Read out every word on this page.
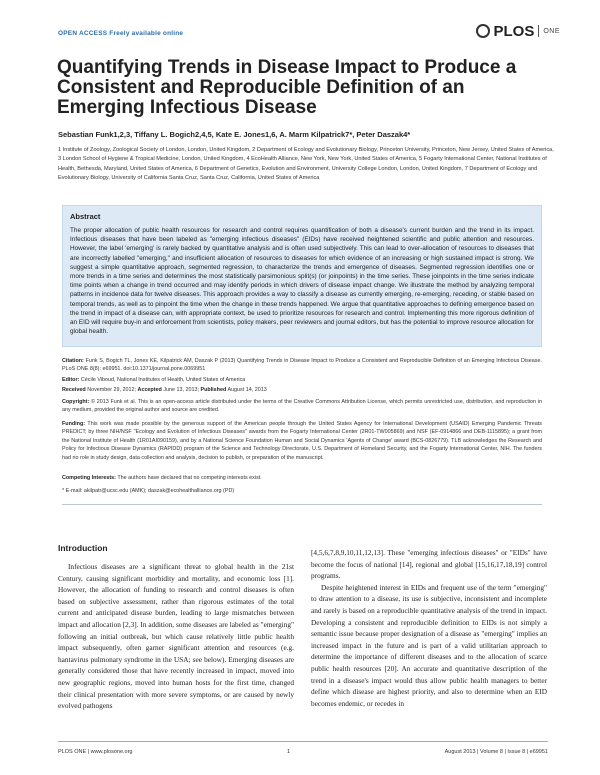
OPEN ACCESS Freely available online	PLOS ONE
Quantifying Trends in Disease Impact to Produce a Consistent and Reproducible Definition of an Emerging Infectious Disease
Sebastian Funk1,2,3, Tiffany L. Bogich2,4,5, Kate E. Jones1,6, A. Marm Kilpatrick7*, Peter Daszak4*
1 Institute of Zoology, Zoological Society of London, London, United Kingdom, 2 Department of Ecology and Evolutionary Biology, Princeton University, Princeton, New Jersey, United States of America, 3 London School of Hygiene & Tropical Medicine, London, United Kingdom, 4 EcoHealth Alliance, New York, New York, United States of America, 5 Fogarty International Center, National Institutes of Health, Bethesda, Maryland, United States of America, 6 Department of Genetics, Evolution and Environment, University College London, London, United Kingdom, 7 Department of Ecology and Evolutionary Biology, University of California Santa Cruz, Santa Cruz, California, United States of America
Abstract

The proper allocation of public health resources for research and control requires quantification of both a disease's current burden and the trend in its impact. Infectious diseases that have been labeled as "emerging infectious diseases" (EIDs) have received heightened scientific and public attention and resources. However, the label 'emerging' is rarely backed by quantitative analysis and is often used subjectively. This can lead to over-allocation of resources to diseases that are incorrectly labelled "emerging," and insufficient allocation of resources to diseases for which evidence of an increasing or high sustained impact is strong. We suggest a simple quantitative approach, segmented regression, to characterize the trends and emergence of diseases. Segmented regression identifies one or more trends in a time series and determines the most statistically parsimonious split(s) (or joinpoints) in the time series. These joinpoints in the time series indicate time points when a change in trend occurred and may identify periods in which drivers of disease impact change. We illustrate the method by analyzing temporal patterns in incidence data for twelve diseases. This approach provides a way to classify a disease as currently emerging, re-emerging, receding, or stable based on temporal trends, as well as to pinpoint the time when the change in these trends happened. We argue that quantitative approaches to defining emergence based on the trend in impact of a disease can, with appropriate context, be used to prioritize resources for research and control. Implementing this more rigorous definition of an EID will require buy-in and enforcement from scientists, policy makers, peer reviewers and journal editors, but has the potential to improve resource allocation for global health.

Citation: Funk S, Bogich TL, Jones KE, Kilpatrick AM, Daszak P (2013) Quantifying Trends in Disease Impact to Produce a Consistent and Reproducible Definition of an Emerging Infectious Disease. PLoS ONE 8(8): e69951. doi:10.1371/journal.pone.0069951
Editor: Cécile Viboud, National Institutes of Health, United States of America
Received November 29, 2012; Accepted June 13, 2013; Published August 14, 2013
Copyright: © 2013 Funk et al. This is an open-access article distributed under the terms of the Creative Commons Attribution License, which permits unrestricted use, distribution, and reproduction in any medium, provided the original author and source are credited.
Funding: This work was made possible by the generous support of the American people through the United States Agency for International Development (USAID) Emerging Pandemic Threats PREDICT; by three NIH/NSF "Ecology and Evolution of Infectious Diseases" awards from the Fogarty International Center (2R01-TW005869) and NSF (EF-0914866 and DEB-1115895); a grant from the National Institute of Health (1R01AI090159), and by a National Science Foundation Human and Social Dynamics 'Agents of Change' award (BCS-0826779). TLB acknowledges the Research and Policy for Infectious Disease Dynamics (RAPIDD) program of the Science and Technology Directorate, U.S. Department of Homeland Security, and the Fogarty International Center, NIH. The funders had no role in study design, data collection and analysis, decision to publish, or preparation of the manuscript.
Competing Interests: The authors have declared that no competing interests exist.
* E-mail: akilpatr@ucsc.edu (AMK); daszak@ecohealthalliance.org (PD)
Introduction

Infectious diseases are a significant threat to global health in the 21st Century, causing significant morbidity and mortality, and economic loss [1]. However, the allocation of funding to research and control diseases is often based on subjective assessment, rather than rigorous estimates of the total current and anticipated disease burden, leading to large mismatches between impact and allocation [2,3]. In addition, some diseases are labeled as "emerging" following an initial outbreak, but which cause relatively little public health impact subsequently, often garner significant attention and resources (e.g. hantavirus pulmonary syndrome in the USA; see below). Emerging diseases are generally considered those that have recently increased in impact, moved into new geographic regions, moved into human hosts for the first time, changed their clinical presentation with more severe symptoms, or are caused by newly evolved pathogens

[4,5,6,7,8,9,10,11,12,13]. These "emerging infectious diseases" or "EIDs" have become the focus of national [14], regional and global [15,16,17,18,19] control programs.

Despite heightened interest in EIDs and frequent use of the term "emerging" to draw attention to a disease, its use is subjective, inconsistent and incomplete and rarely is based on a reproducible quantitative analysis of the trend in impact. Developing a consistent and reproducible definition to EIDs is not simply a semantic issue because proper designation of a disease as "emerging" implies an increased impact in the future and is part of a valid utilitarian approach to determine the importance of different diseases and to the allocation of scarce public health resources [20]. An accurate and quantitative description of the trend in a disease's impact would thus allow public health managers to better define which disease are highest priority, and also to determine when an EID becomes endemic, or recedes in

PLOS ONE | www.plosone.org	1	August 2013 | Volume 8 | Issue 8 | e69951
